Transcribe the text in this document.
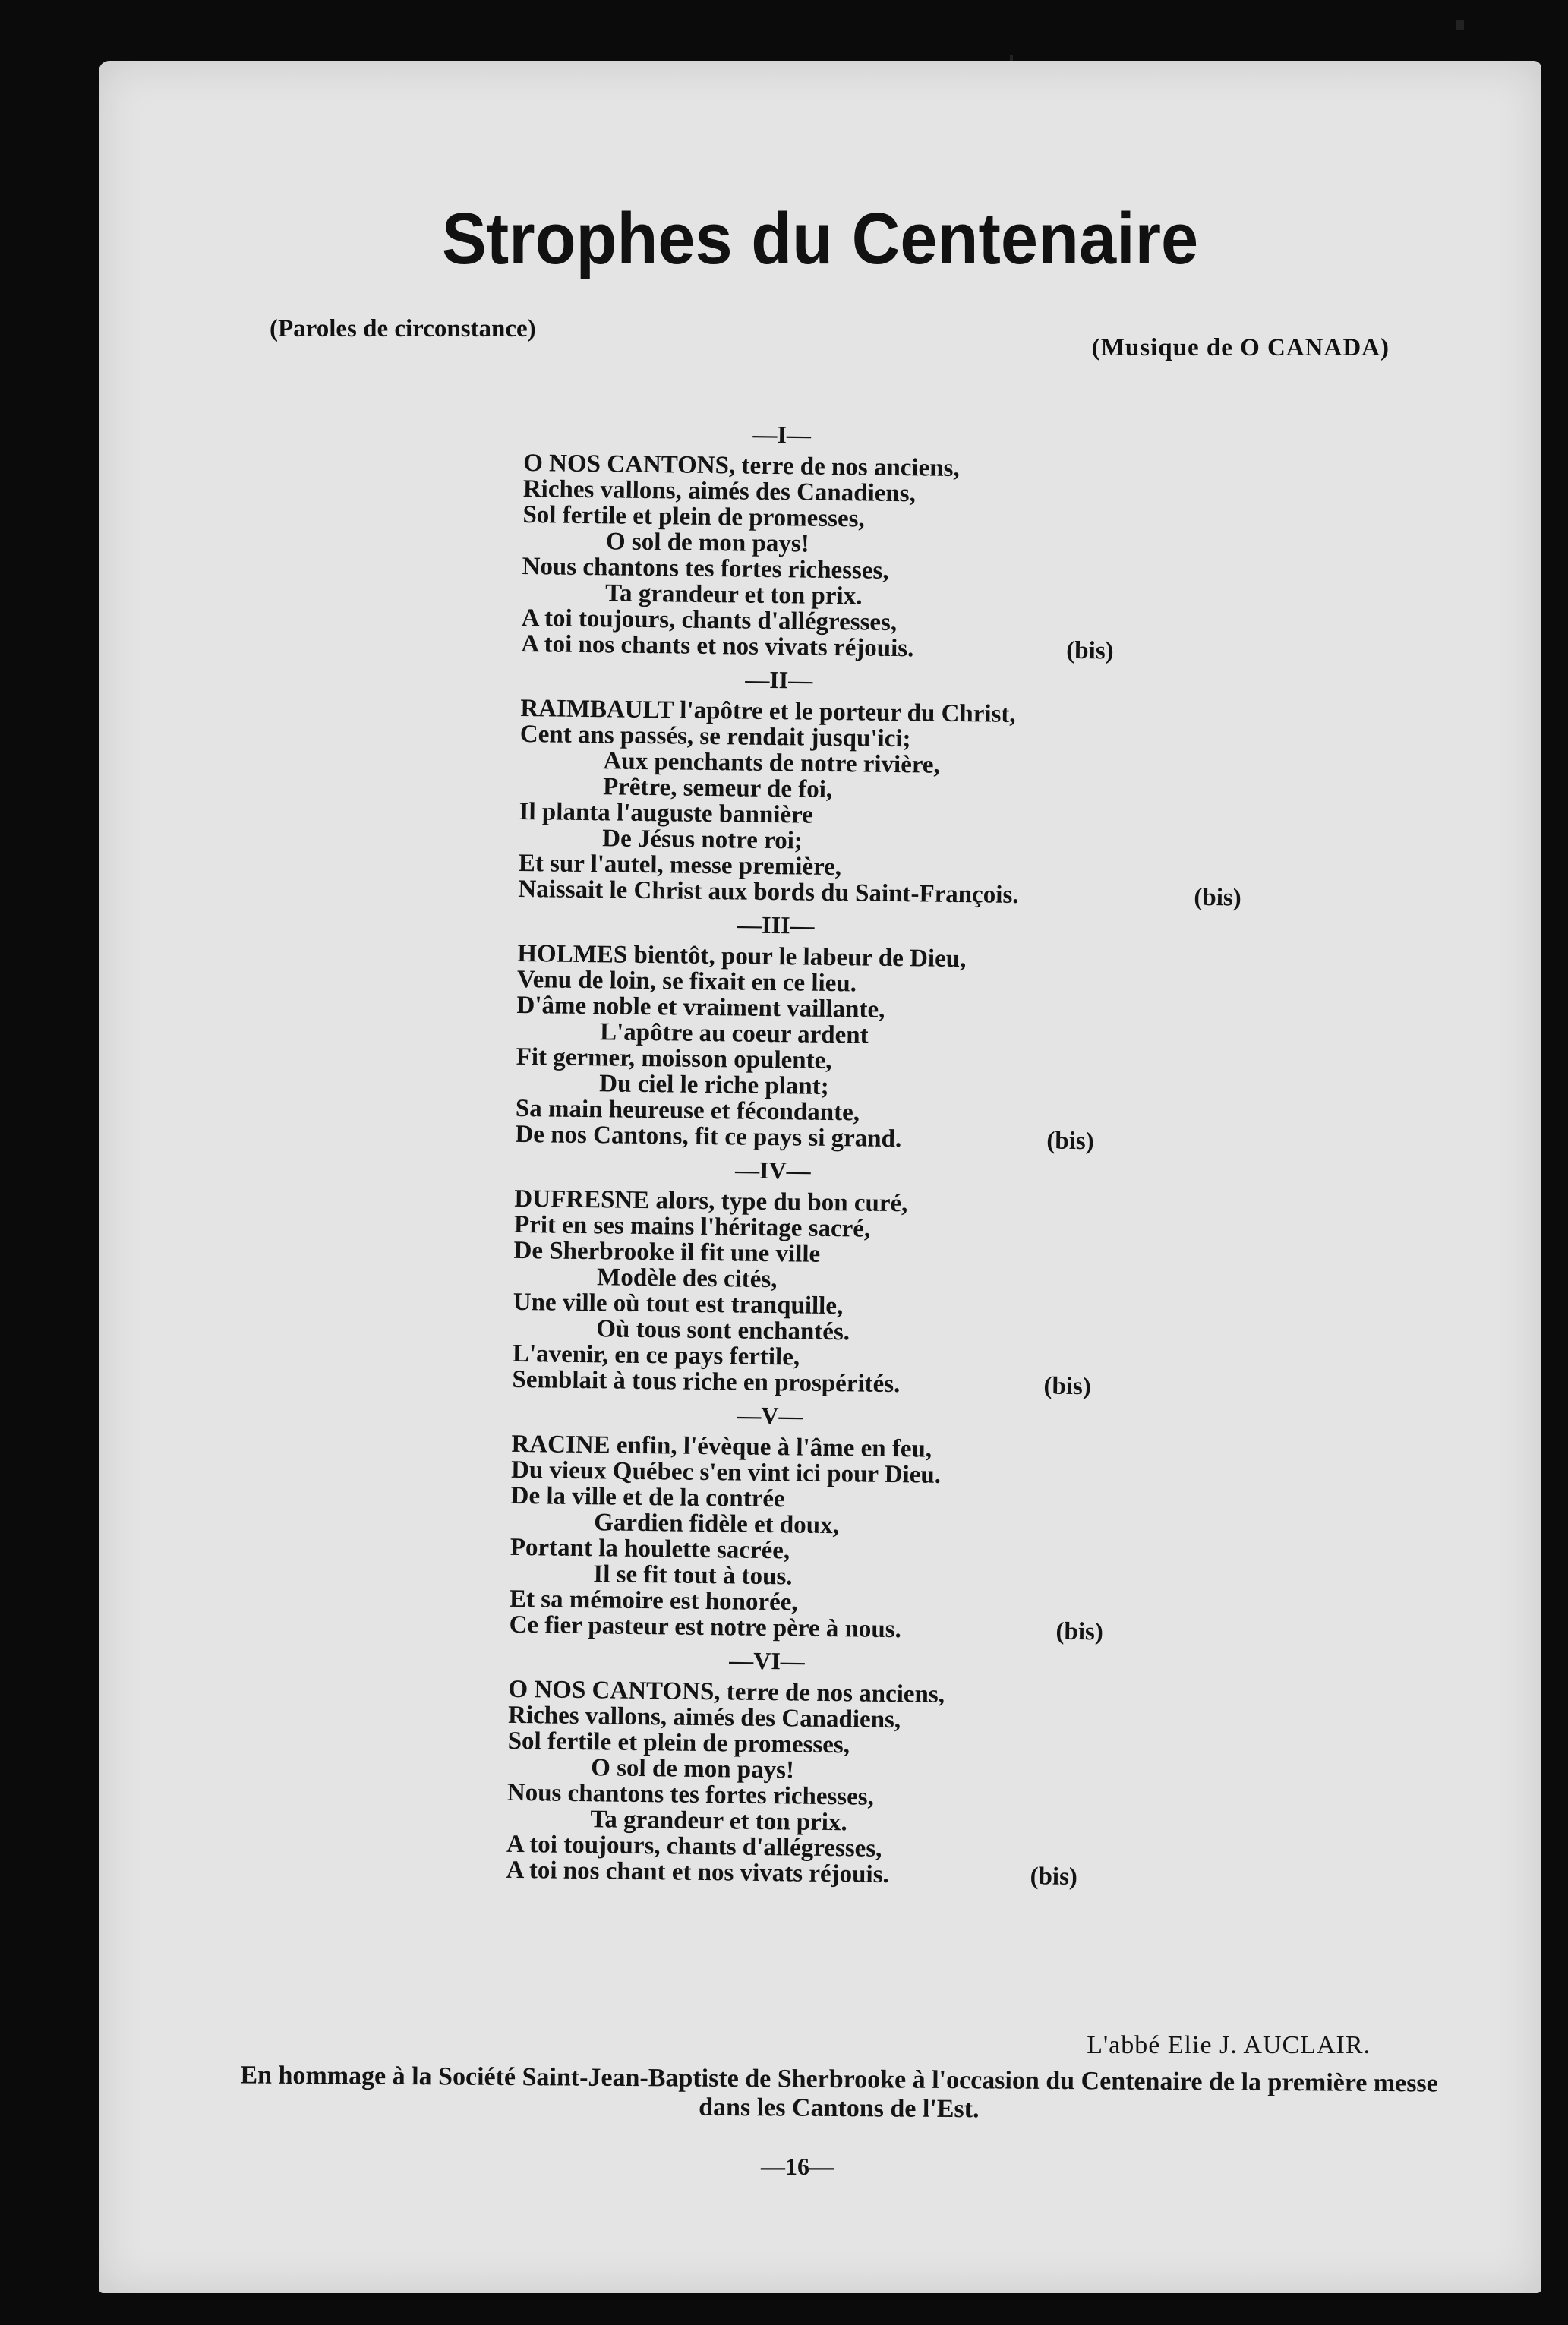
Strophes du Centenaire
(Paroles de circonstance)
(Musique de O CANADA)
—I—
O NOS CANTONS, terre de nos anciens,
Riches vallons, aimés des Canadiens,
Sol fertile et plein de promesses,
O sol de mon pays!
Nous chantons tes fortes richesses,
Ta grandeur et ton prix.
A toi toujours, chants d'allégresses,
A toi nos chants et nos vivats réjouis.	(bis)
—II—
RAIMBAULT l'apôtre et le porteur du Christ,
Cent ans passés, se rendait jusqu'ici;
Aux penchants de notre rivière,
Prêtre, semeur de foi,
Il planta l'auguste bannière
De Jésus notre roi;
Et sur l'autel, messe première,
Naissait le Christ aux bords du Saint-François.	(bis)
—III—
HOLMES bientôt, pour le labeur de Dieu,
Venu de loin, se fixait en ce lieu.
D'âme noble et vraiment vaillante,
L'apôtre au coeur ardent
Fit germer, moisson opulente,
Du ciel le riche plant;
Sa main heureuse et fécondante,
De nos Cantons, fit ce pays si grand.	(bis)
—IV—
DUFRESNE alors, type du bon curé,
Prit en ses mains l'héritage sacré,
De Sherbrooke il fit une ville
Modèle des cités,
Une ville où tout est tranquille,
Où tous sont enchantés.
L'avenir, en ce pays fertile,
Semblait à tous riche en prospérités.	(bis)
—V—
RACINE enfin, l'évèque à l'âme en feu,
Du vieux Québec s'en vint ici pour Dieu.
De la ville et de la contrée
Gardien fidèle et doux,
Portant la houlette sacrée,
Il se fit tout à tous.
Et sa mémoire est honorée,
Ce fier pasteur est notre père à nous.	(bis)
—VI—
O NOS CANTONS, terre de nos anciens,
Riches vallons, aimés des Canadiens,
Sol fertile et plein de promesses,
O sol de mon pays!
Nous chantons tes fortes richesses,
Ta grandeur et ton prix.
A toi toujours, chants d'allégresses,
A toi nos chant et nos vivats réjouis.	(bis)
L'abbé Elie J. AUCLAIR.
En hommage à la Société Saint-Jean-Baptiste de Sherbrooke à l'occasion du Centenaire de la première messe dans les Cantons de l'Est.
—16—
